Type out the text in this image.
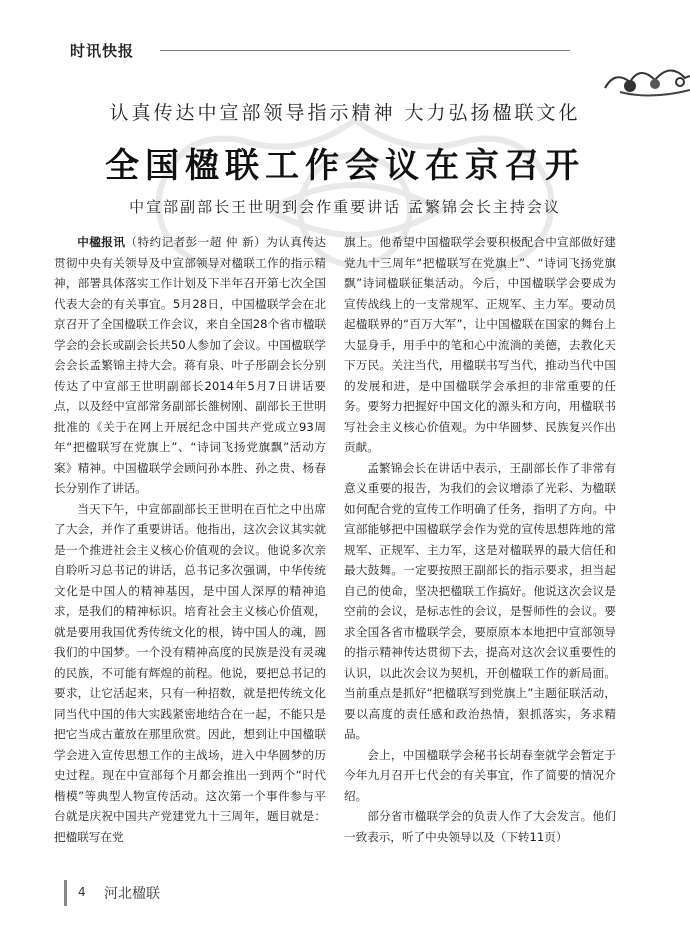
时讯快报
认真传达中宣部领导指示精神 大力弘扬楹联文化
全国楹联工作会议在京召开
中宣部副部长王世明到会作重要讲话 孟繁锦会长主持会议

中楹报讯（特约记者彭一超 仲 新）为认真传达贯彻中央有关领导及中宣部领导对楹联工作的指示精神，部署具体落实工作计划及下半年召开第七次全国代表大会的有关事宜。5月28日，中国楹联学会在北京召开了全国楹联工作会议，来自全国28个省市楹联学会的会长或副会长共50人参加了会议。中国楹联学会会长孟繁锦主持大会。蒋有泉、叶子彤副会长分别传达了中宣部王世明副部长2014年5月7日讲话要点，以及经中宣部常务副部长雒树刚、副部长王世明批准的《关于在网上开展纪念中国共产党成立93周年“把楹联写在党旗上”、“诗词飞扬党旗飘”活动方案》精神。中国楹联学会顾问孙本胜、孙之贵、杨春长分别作了讲话。

当天下午，中宣部副部长王世明在百忙之中出席了大会，并作了重要讲话。他指出，这次会议其实就是一个推进社会主义核心价值观的会议。他说多次亲自聆听习总书记的讲话，总书记多次强调，中华传统文化是中国人的精神基因，是中国人深厚的精神追求，是我们的精神标识。培育社会主义核心价值观，就是要用我国优秀传统文化的根，铸中国人的魂，圆我们的中国梦。一个没有精神高度的民族是没有灵魂的民族，不可能有辉煌的前程。他说，要把总书记的要求，让它活起来，只有一种招数，就是把传统文化同当代中国的伟大实践紧密地结合在一起，不能只是把它当成古董放在那里欣赏。因此，想到让中国楹联学会进入宣传思想工作的主战场，进入中华圆梦的历史过程。现在中宣部每个月都会推出一到两个“时代楷模”等典型人物宣传活动。这次第一个事件参与平台就是庆祝中国共产党建党九十三周年，题目就是：把楹联写在党

旗上。他希望中国楹联学会要积极配合中宣部做好建党九十三周年“把楹联写在党旗上”、“诗词飞扬党旗飘”诗词楹联征集活动。今后，中国楹联学会要成为宣传战线上的一支常规军、正规军、主力军。要动员起楹联界的“百万大军”，让中国楹联在国家的舞台上大显身手，用手中的笔和心中流淌的美德，去教化天下万民。关注当代，用楹联书写当代，推动当代中国的发展和进，是中国楹联学会承担的非常重要的任务。要努力把握好中国文化的源头和方向，用楹联书写社会主义核心价值观。为中华圆梦、民族复兴作出贡献。

孟繁锦会长在讲话中表示，王副部长作了非常有意义重要的报告，为我们的会议增添了光彩、为楹联如何配合党的宣传工作明确了任务，指明了方向。中宣部能够把中国楹联学会作为党的宣传思想阵地的常规军、正规军、主力军，这是对楹联界的最大信任和最大鼓舞。一定要按照王副部长的指示要求，担当起自己的使命，坚决把楹联工作搞好。他说这次会议是空前的会议，是标志性的会议，是誓师性的会议。要求全国各省市楹联学会，要原原本本地把中宣部领导的指示精神传达贯彻下去，提高对这次会议重要性的认识，以此次会议为契机，开创楹联工作的新局面。当前重点是抓好“把楹联写到党旗上”主题征联活动，要以高度的责任感和政治热情，狠抓落实，务求精品。

会上，中国楹联学会秘书长胡春奎就学会暂定于今年九月召开七代会的有关事宜，作了简要的情况介绍。

部分省市楹联学会的负责人作了大会发言。他们一致表示，听了中央领导以及（下转11页）

4 河北楹联
